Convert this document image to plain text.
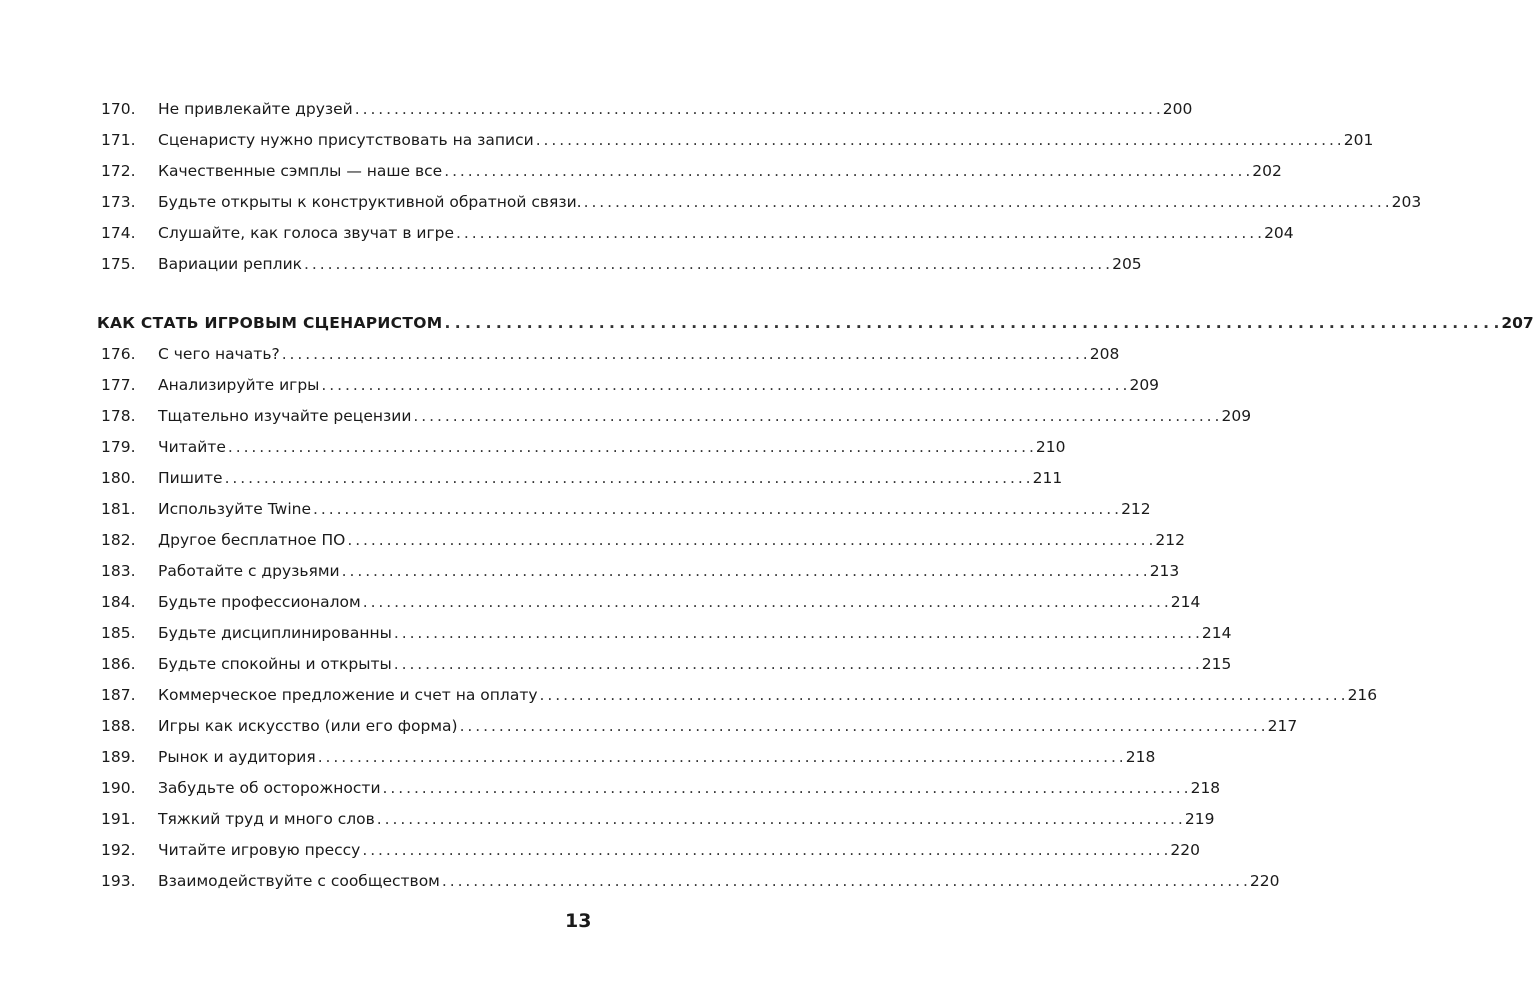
170.	Не привлекайте друзей . . .	200
171.	Сценаристу нужно присутствовать на записи . . .	201
172.	Качественные сэмплы — наше все . . .	202
173.	Будьте открыты к конструктивной обратной связи. . . .	203
174.	Слушайте, как голоса звучат в игре . . .	204
175.	Вариации реплик . . .	205
КАК СТАТЬ ИГРОВЫМ СЦЕНАРИСТОМ . . .	207
176.	С чего начать? . . .	208
177.	Анализируйте игры . . .	209
178.	Тщательно изучайте рецензии . . .	209
179.	Читайте . . .	210
180.	Пишите . . .	211
181.	Используйте Twine . . .	212
182.	Другое бесплатное ПО . . .	212
183.	Работайте с друзьями . . .	213
184.	Будьте профессионалом . . .	214
185.	Будьте дисциплинированны . . .	214
186.	Будьте спокойны и открыты . . .	215
187.	Коммерческое предложение и счет на оплату . . .	216
188.	Игры как искусство (или его форма) . . .	217
189.	Рынок и аудитория . . .	218
190.	Забудьте об осторожности . . .	218
191.	Тяжкий труд и много слов . . .	219
192.	Читайте игровую прессу . . .	220
193.	Взаимодействуйте с сообществом . . .	220
13
